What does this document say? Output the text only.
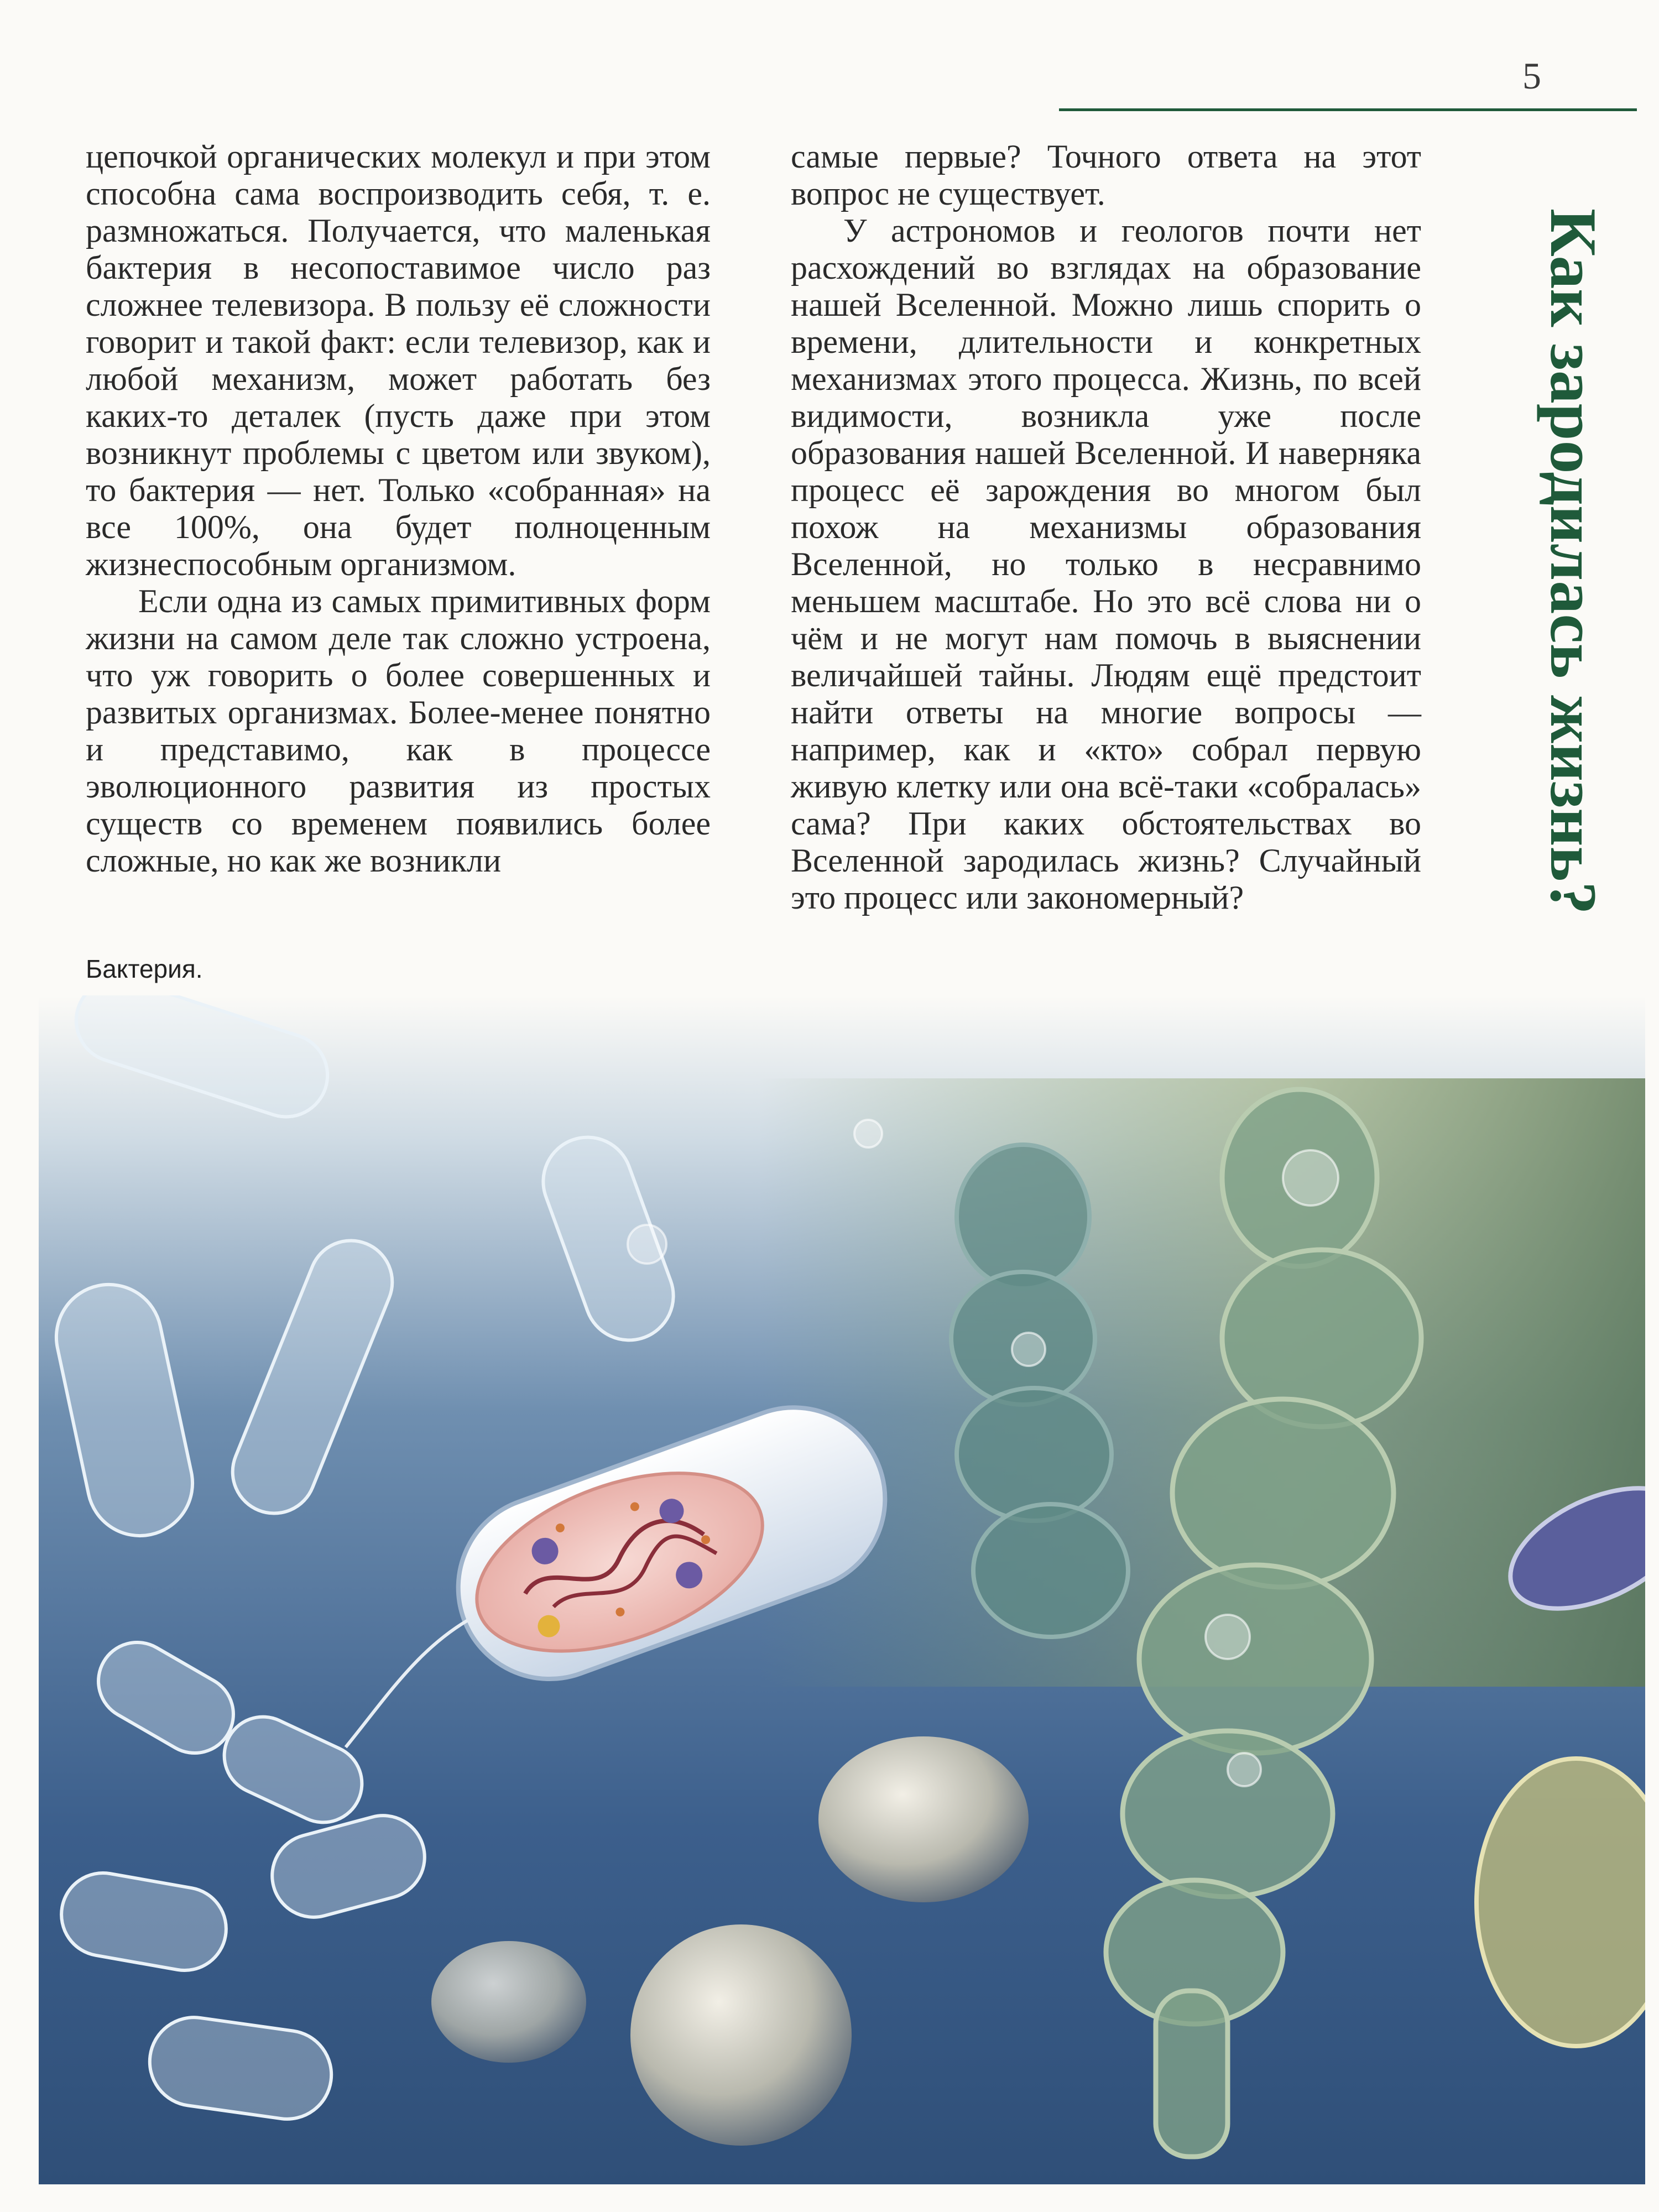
5

цепочкой органических молекул и при этом способна сама воспроизводить себя, т. е. размножаться. Получается, что маленькая бактерия в несопоставимое число раз сложнее телевизора. В пользу её сложности говорит и такой факт: если телевизор, как и любой механизм, может работать без каких-то деталек (пусть даже при этом возникнут проблемы с цветом или звуком), то бактерия — нет. Только «собранная» на все 100%, она будет полноценным жизнеспособным организмом.

Если одна из самых примитивных форм жизни на самом деле так сложно устроена, что уж говорить о более совершенных и развитых организмах. Более-менее понятно и представимо, как в процессе эволюционного развития из простых существ со временем появились более сложные, но как же возникли

самые первые? Точного ответа на этот вопрос не существует.

У астрономов и геологов почти нет расхождений во взглядах на образование нашей Вселенной. Можно лишь спорить о времени, длительности и конкретных механизмах этого процесса. Жизнь, по всей видимости, возникла уже после образования нашей Вселенной. И наверняка процесс её зарождения во многом был похож на механизмы образования Вселенной, но только в несравнимо меньшем масштабе. Но это всё слова ни о чём и не могут нам помочь в выяснении величайшей тайны. Людям ещё предстоит найти ответы на многие вопросы — например, как и «кто» собрал первую живую клетку или она всё-таки «собралась» сама? При каких обстоятельствах во Вселенной зародилась жизнь? Случайный это процесс или закономерный?	Как зародилась жизнь?
Бактерия.
